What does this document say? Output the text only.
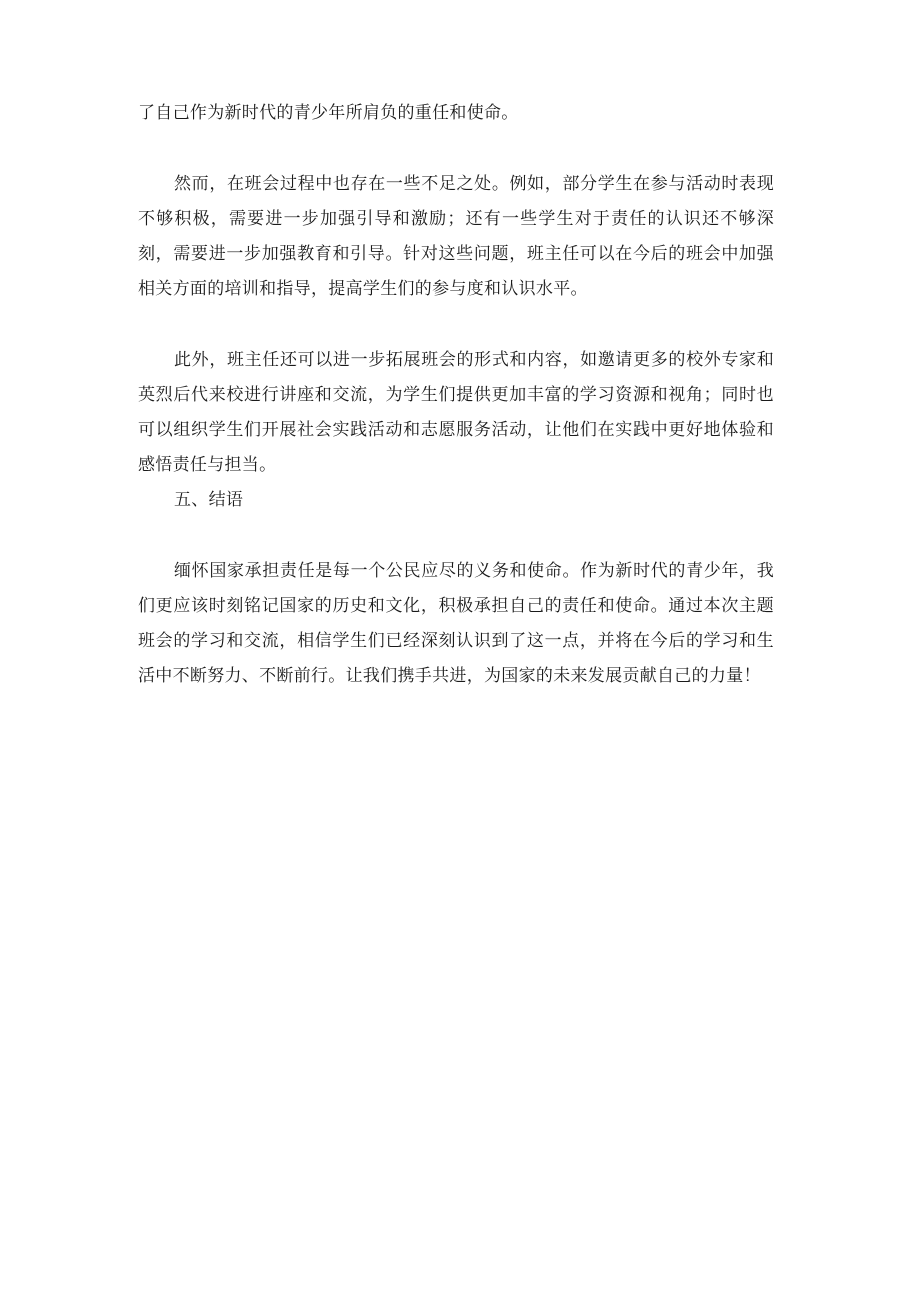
了自己作为新时代的青少年所肩负的重任和使命。

然而，在班会过程中也存在一些不足之处。例如，部分学生在参与活动时表现不够积极，需要进一步加强引导和激励；还有一些学生对于责任的认识还不够深刻，需要进一步加强教育和引导。针对这些问题，班主任可以在今后的班会中加强相关方面的培训和指导，提高学生们的参与度和认识水平。

此外，班主任还可以进一步拓展班会的形式和内容，如邀请更多的校外专家和英烈后代来校进行讲座和交流，为学生们提供更加丰富的学习资源和视角；同时也可以组织学生们开展社会实践活动和志愿服务活动，让他们在实践中更好地体验和感悟责任与担当。

五、结语

缅怀国家承担责任是每一个公民应尽的义务和使命。作为新时代的青少年，我们更应该时刻铭记国家的历史和文化，积极承担自己的责任和使命。通过本次主题班会的学习和交流，相信学生们已经深刻认识到了这一点，并将在今后的学习和生活中不断努力、不断前行。让我们携手共进，为国家的未来发展贡献自己的力量！
